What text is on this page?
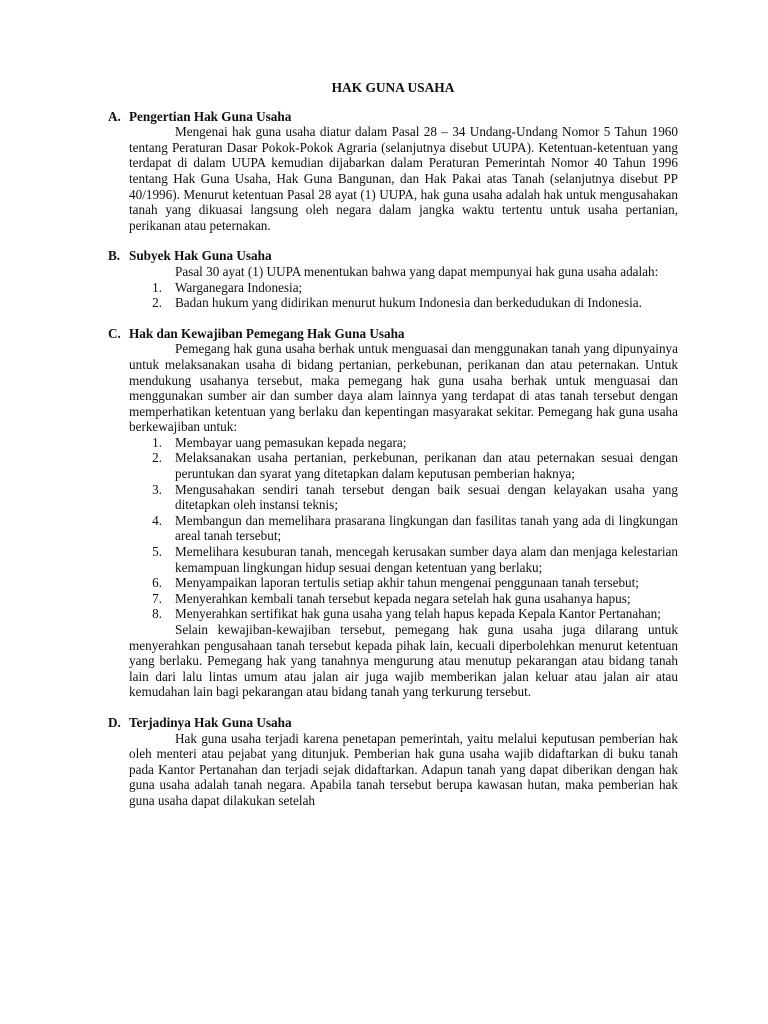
HAK GUNA USAHA
A. Pengertian Hak Guna Usaha

Mengenai hak guna usaha diatur dalam Pasal 28 – 34 Undang-Undang Nomor 5 Tahun 1960 tentang Peraturan Dasar Pokok-Pokok Agraria (selanjutnya disebut UUPA). Ketentuan-ketentuan yang terdapat di dalam UUPA kemudian dijabarkan dalam Peraturan Pemerintah Nomor 40 Tahun 1996 tentang Hak Guna Usaha, Hak Guna Bangunan, dan Hak Pakai atas Tanah (selanjutnya disebut PP 40/1996). Menurut ketentuan Pasal 28 ayat (1) UUPA, hak guna usaha adalah hak untuk mengusahakan tanah yang dikuasai langsung oleh negara dalam jangka waktu tertentu untuk usaha pertanian, perikanan atau peternakan.

B. Subyek Hak Guna Usaha

Pasal 30 ayat (1) UUPA menentukan bahwa yang dapat mempunyai hak guna usaha adalah:

1. Warganegara Indonesia;
2. Badan hukum yang didirikan menurut hukum Indonesia dan berkedudukan di Indonesia.
C. Hak dan Kewajiban Pemegang Hak Guna Usaha

Pemegang hak guna usaha berhak untuk menguasai dan menggunakan tanah yang dipunyainya untuk melaksanakan usaha di bidang pertanian, perkebunan, perikanan dan atau peternakan. Untuk mendukung usahanya tersebut, maka pemegang hak guna usaha berhak untuk menguasai dan menggunakan sumber air dan sumber daya alam lainnya yang terdapat di atas tanah tersebut dengan memperhatikan ketentuan yang berlaku dan kepentingan masyarakat sekitar. Pemegang hak guna usaha berkewajiban untuk:

1. Membayar uang pemasukan kepada negara;
2. Melaksanakan usaha pertanian, perkebunan, perikanan dan atau peternakan sesuai dengan peruntukan dan syarat yang ditetapkan dalam keputusan pemberian haknya;
3. Mengusahakan sendiri tanah tersebut dengan baik sesuai dengan kelayakan usaha yang ditetapkan oleh instansi teknis;
4. Membangun dan memelihara prasarana lingkungan dan fasilitas tanah yang ada di lingkungan areal tanah tersebut;
5. Memelihara kesuburan tanah, mencegah kerusakan sumber daya alam dan menjaga kelestarian kemampuan lingkungan hidup sesuai dengan ketentuan yang berlaku;
6. Menyampaikan laporan tertulis setiap akhir tahun mengenai penggunaan tanah tersebut;
7. Menyerahkan kembali tanah tersebut kepada negara setelah hak guna usahanya hapus;
8. Menyerahkan sertifikat hak guna usaha yang telah hapus kepada Kepala Kantor Pertanahan;

Selain kewajiban-kewajiban tersebut, pemegang hak guna usaha juga dilarang untuk menyerahkan pengusahaan tanah tersebut kepada pihak lain, kecuali diperbolehkan menurut ketentuan yang berlaku. Pemegang hak yang tanahnya mengurung atau menutup pekarangan atau bidang tanah lain dari lalu lintas umum atau jalan air juga wajib memberikan jalan keluar atau jalan air atau kemudahan lain bagi pekarangan atau bidang tanah yang terkurung tersebut.

D. Terjadinya Hak Guna Usaha

Hak guna usaha terjadi karena penetapan pemerintah, yaitu melalui keputusan pemberian hak oleh menteri atau pejabat yang ditunjuk. Pemberian hak guna usaha wajib didaftarkan di buku tanah pada Kantor Pertanahan dan terjadi sejak didaftarkan. Adapun tanah yang dapat diberikan dengan hak guna usaha adalah tanah negara. Apabila tanah tersebut berupa kawasan hutan, maka pemberian hak guna usaha dapat dilakukan setelah
